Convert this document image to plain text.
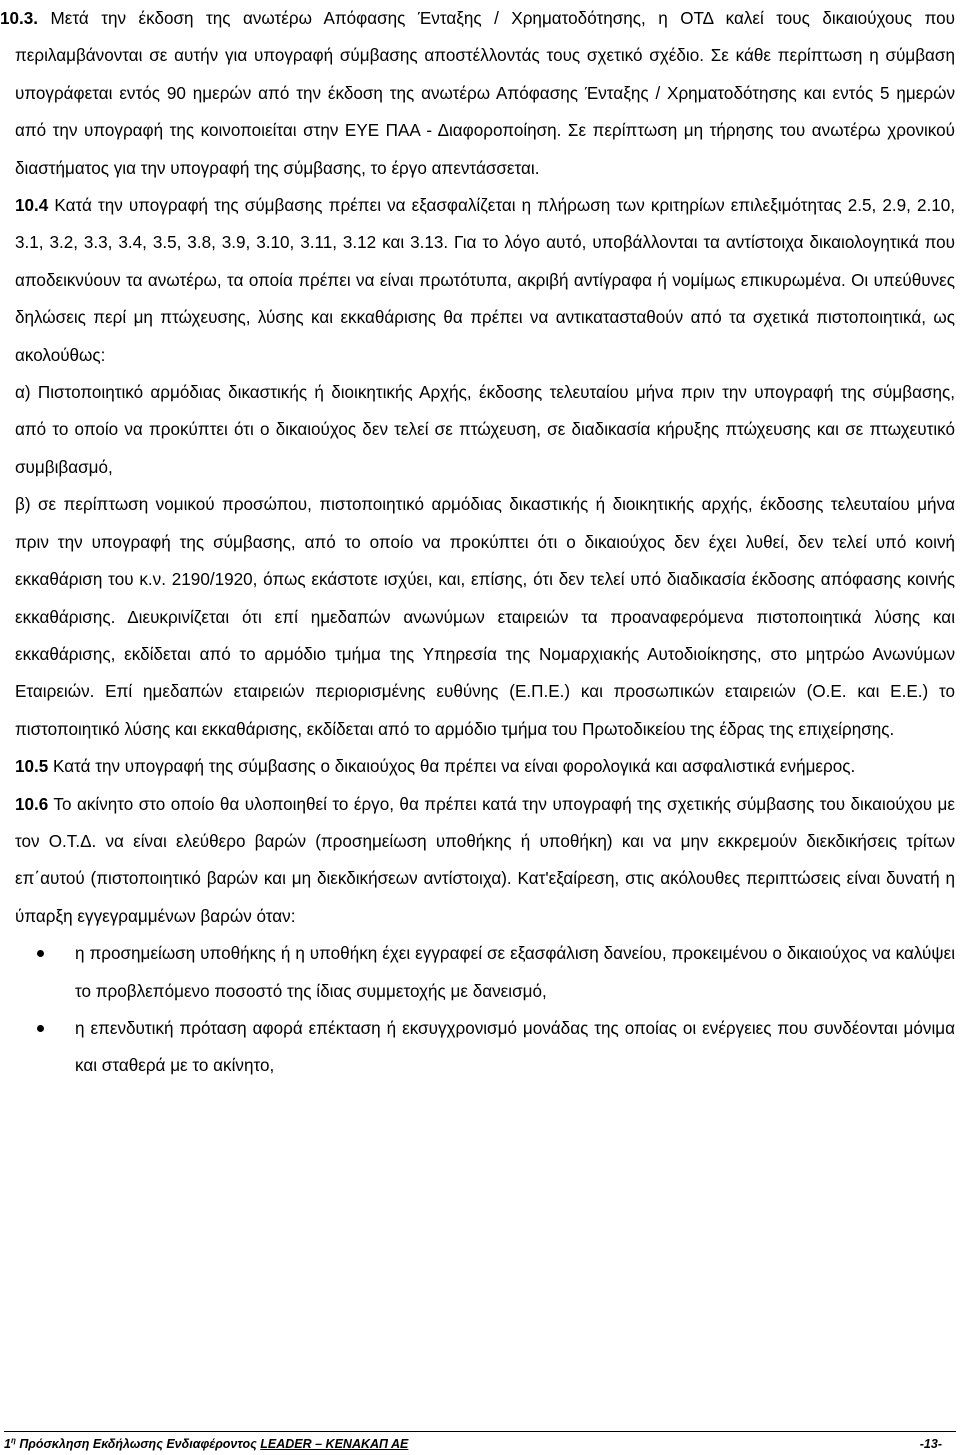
10.3. Μετά την έκδοση της ανωτέρω Απόφασης Ένταξης / Χρηματοδότησης, η ΟΤΔ καλεί τους δικαιούχους που περιλαμβάνονται σε αυτήν για υπογραφή σύμβασης αποστέλλοντάς τους σχετικό σχέδιο. Σε κάθε περίπτωση η σύμβαση υπογράφεται εντός 90 ημερών από την έκδοση της ανωτέρω Απόφασης Ένταξης / Χρηματοδότησης και εντός 5 ημερών από την υπογραφή της κοινοποιείται στην ΕΥΕ ΠΑΑ - Διαφοροποίηση. Σε περίπτωση μη τήρησης του ανωτέρω χρονικού διαστήματος για την υπογραφή της σύμβασης, το έργο απεντάσσεται.

10.4 Κατά την υπογραφή της σύμβασης πρέπει να εξασφαλίζεται η πλήρωση των κριτηρίων επιλεξιμότητας 2.5, 2.9, 2.10, 3.1, 3.2, 3.3, 3.4, 3.5, 3.8, 3.9, 3.10, 3.11, 3.12 και 3.13. Για το λόγο αυτό, υποβάλλονται τα αντίστοιχα δικαιολογητικά που αποδεικνύουν τα ανωτέρω, τα οποία πρέπει να είναι πρωτότυπα, ακριβή αντίγραφα ή νομίμως επικυρωμένα. Οι υπεύθυνες δηλώσεις περί μη πτώχευσης, λύσης και εκκαθάρισης θα πρέπει να αντικατασταθούν από τα σχετικά πιστοποιητικά, ως ακολούθως:

α) Πιστοποιητικό αρμόδιας δικαστικής ή διοικητικής Αρχής, έκδοσης τελευταίου μήνα πριν την υπογραφή της σύμβασης, από το οποίο να προκύπτει ότι ο δικαιούχος δεν τελεί σε πτώχευση, σε διαδικασία κήρυξης πτώχευσης και σε πτωχευτικό συμβιβασμό,

β) σε περίπτωση νομικού προσώπου, πιστοποιητικό αρμόδιας δικαστικής ή διοικητικής αρχής, έκδοσης τελευταίου μήνα πριν την υπογραφή της σύμβασης, από το οποίο να προκύπτει ότι ο δικαιούχος δεν έχει λυθεί, δεν τελεί υπό κοινή εκκαθάριση του κ.ν. 2190/1920, όπως εκάστοτε ισχύει, και, επίσης, ότι δεν τελεί υπό διαδικασία έκδοσης απόφασης κοινής εκκαθάρισης. Διευκρινίζεται ότι επί ημεδαπών ανωνύμων εταιρειών τα προαναφερόμενα πιστοποιητικά λύσης και εκκαθάρισης, εκδίδεται από το αρμόδιο τμήμα της Υπηρεσία της Νομαρχιακής Αυτοδιοίκησης, στο μητρώο Ανωνύμων Εταιρειών. Επί ημεδαπών εταιρειών περιορισμένης ευθύνης (Ε.Π.Ε.) και προσωπικών εταιρειών (Ο.Ε. και Ε.Ε.) το πιστοποιητικό λύσης και εκκαθάρισης, εκδίδεται από το αρμόδιο τμήμα του Πρωτοδικείου της έδρας της επιχείρησης.

10.5 Κατά την υπογραφή της σύμβασης ο δικαιούχος θα πρέπει να είναι φορολογικά και ασφαλιστικά ενήμερος.

10.6 Το ακίνητο στο οποίο θα υλοποιηθεί το έργο, θα πρέπει κατά την υπογραφή της σχετικής σύμβασης του δικαιούχου με τον Ο.Τ.Δ. να είναι ελεύθερο βαρών (προσημείωση υποθήκης ή υποθήκη) και να μην εκκρεμούν διεκδικήσεις τρίτων επ΄αυτού (πιστοποιητικό βαρών και μη διεκδικήσεων αντίστοιχα). Κατ'εξαίρεση, στις ακόλουθες περιπτώσεις είναι δυνατή η ύπαρξη εγγεγραμμένων βαρών όταν:

η προσημείωση υποθήκης ή η υποθήκη έχει εγγραφεί σε εξασφάλιση δανείου, προκειμένου ο δικαιούχος να καλύψει το προβλεπόμενο ποσοστό της ίδιας συμμετοχής με δανεισμό,
η επενδυτική πρόταση αφορά επέκταση ή εκσυγχρονισμό μονάδας της οποίας οι ενέργειες που συνδέονται μόνιμα και σταθερά με το ακίνητο,
$1^\eta$ Πρόσκληση Εκδήλωσης Ενδιαφέροντος LEADER – ΚΕΝΑΚΑΠ ΑΕ	-13-
